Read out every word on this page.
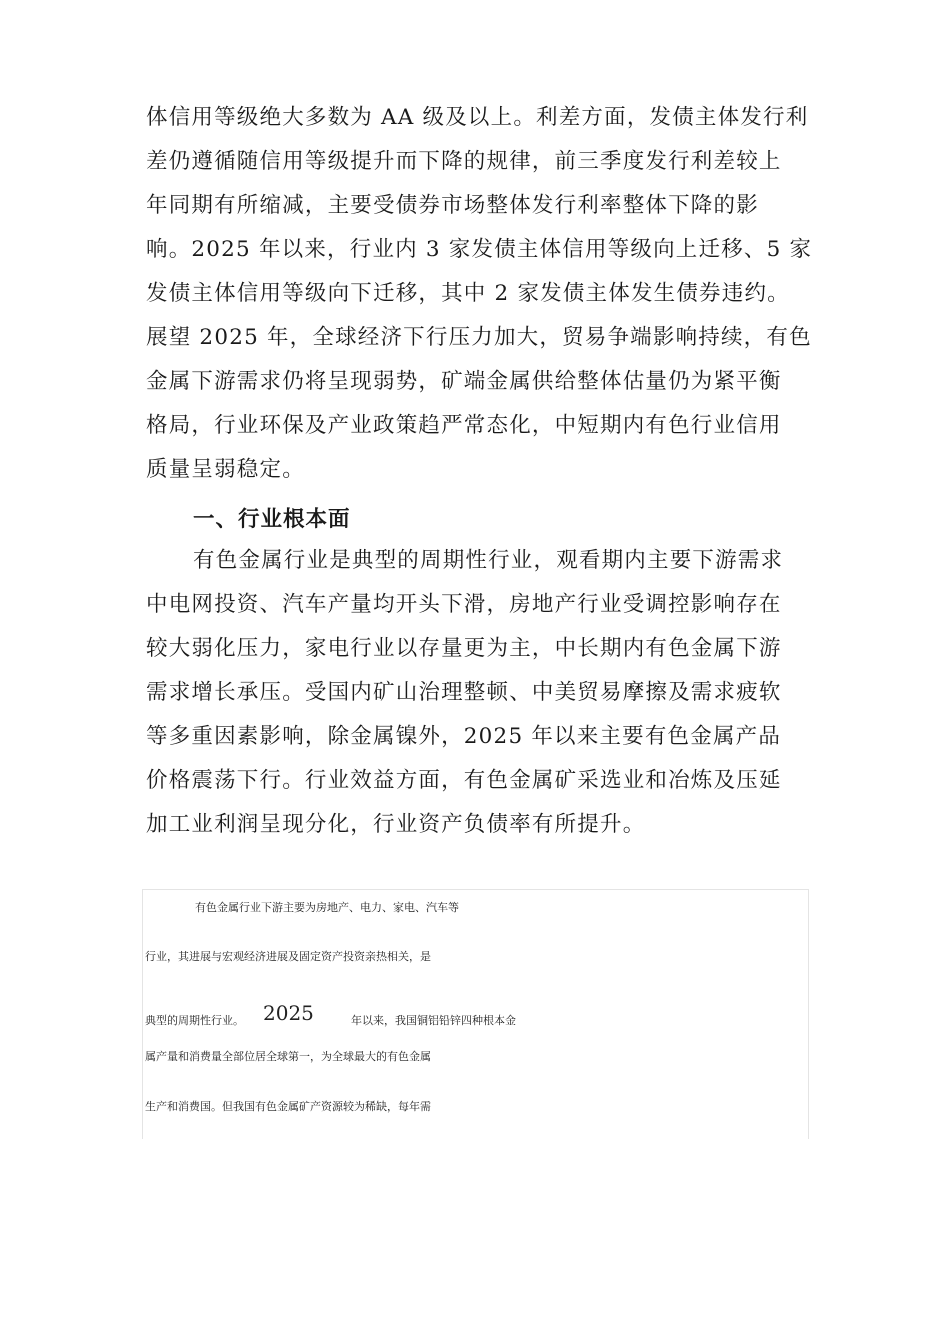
体信用等级绝大多数为 AA 级及以上。利差方面，发债主体发行利
差仍遵循随信用等级提升而下降的规律，前三季度发行利差较上
年同期有所缩减，主要受债券市场整体发行利率整体下降的影
响。2025 年以来，行业内 3 家发债主体信用等级向上迁移、5 家
发债主体信用等级向下迁移，其中 2 家发债主体发生债券违约。
展望 2025 年，全球经济下行压力加大，贸易争端影响持续，有色
金属下游需求仍将呈现弱势，矿端金属供给整体估量仍为紧平衡
格局，行业环保及产业政策趋严常态化，中短期内有色行业信用
质量呈弱稳定。
一、行业根本面
有色金属行业是典型的周期性行业，观看期内主要下游需求
中电网投资、汽车产量均开头下滑，房地产行业受调控影响存在
较大弱化压力，家电行业以存量更为主，中长期内有色金属下游
需求增长承压。受国内矿山治理整顿、中美贸易摩擦及需求疲软
等多重因素影响，除金属镍外，2025 年以来主要有色金属产品
价格震荡下行。行业效益方面，有色金属矿采选业和冶炼及压延
加工业利润呈现分化，行业资产负债率有所提升。
有色金属行业下游主要为房地产、电力、家电、汽车等
行业，其进展与宏观经济进展及固定资产投资亲热相关，是
典型的周期性行业。 2025	年以来，我国铜铝铅锌四种根本金
属产量和消费量全部位居全球第一，为全球最大的有色金属
生产和消费国。但我国有色金属矿产资源较为稀缺，每年需
